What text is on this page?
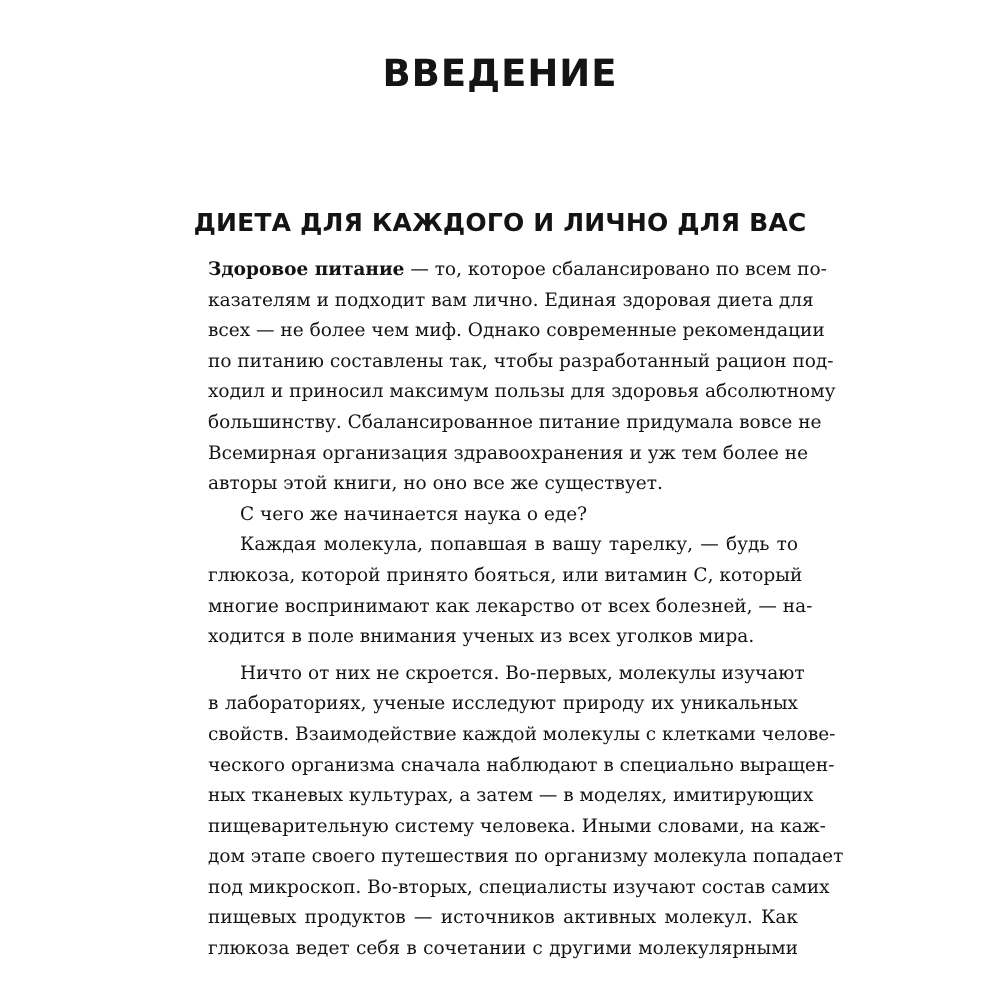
ВВЕДЕНИЕ
ДИЕТА ДЛЯ КАЖДОГО И ЛИЧНО ДЛЯ ВАС
Здоровое питание — то, которое сбалансировано по всем по-
казателям и подходит вам лично. Единая здоровая диета для
всех — не более чем миф. Однако современные рекомендации
по питанию составлены так, чтобы разработанный рацион под-
ходил и приносил максимум пользы для здоровья абсолютному
большинству. Сбалансированное питание придумала вовсе не
Всемирная организация здравоохранения и уж тем более не
авторы этой книги, но оно все же существует.
С чего же начинается наука о еде?
Каждая молекула, попавшая в вашу тарелку, — будь то
глюкоза, которой принято бояться, или витамин С, который
многие воспринимают как лекарство от всех болезней, — на-
ходится в поле внимания ученых из всех уголков мира.
Ничто от них не скроется. Во-первых, молекулы изучают
в лабораториях, ученые исследуют природу их уникальных
свойств. Взаимодействие каждой молекулы с клетками челове-
ческого организма сначала наблюдают в специально выращен-
ных тканевых культурах, а затем — в моделях, имитирующих
пищеварительную систему человека. Иными словами, на каж-
дом этапе своего путешествия по организму молекула попадает
под микроскоп. Во-вторых, специалисты изучают состав самих
пищевых продуктов — источников активных молекул. Как
глюкоза ведет себя в сочетании с другими молекулярными
